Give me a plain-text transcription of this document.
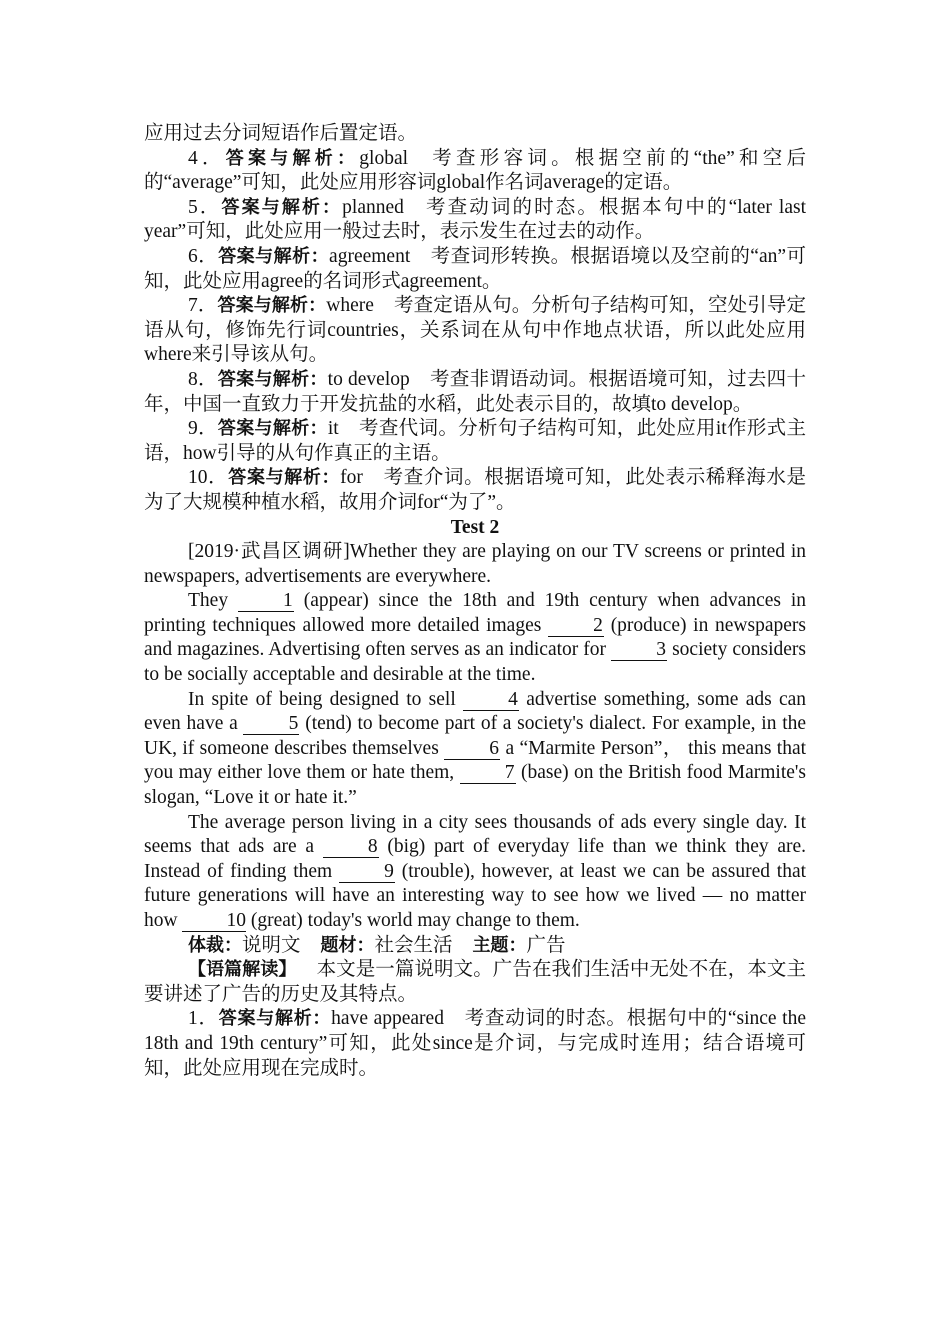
应用过去分词短语作后置定语。

4．答案与解析：global 考查形容词。根据空前的“the”和空后的“average”可知，此处应用形容词global作名词average的定语。

5．答案与解析：planned 考查动词的时态。根据本句中的“later last year”可知，此处应用一般过去时，表示发生在过去的动作。

6．答案与解析：agreement 考查词形转换。根据语境以及空前的“an”可知，此处应用agree的名词形式agreement。

7．答案与解析：where 考查定语从句。分析句子结构可知，空处引导定语从句，修饰先行词countries，关系词在从句中作地点状语，所以此处应用where来引导该从句。

8．答案与解析：to develop 考查非谓语动词。根据语境可知，过去四十年，中国一直致力于开发抗盐的水稻，此处表示目的，故填to develop。

9．答案与解析：it 考查代词。分析句子结构可知，此处应用it作形式主语，how引导的从句作真正的主语。

10．答案与解析：for 考查介词。根据语境可知，此处表示稀释海水是为了大规模种植水稻，故用介词for“为了”。

Test 2

[2019·武昌区调研]Whether they are playing on our TV screens or printed in newspapers, advertisements are everywhere.

They	1 (appear) since the 18th and 19th century when advances in printing techniques allowed more detailed images	2 (produce) in newspapers and magazines. Advertising often serves as an indicator for	3 society considers to be socially acceptable and desirable at the time.

In spite of being designed to sell	4 advertise something, some ads can even have a	5 (tend) to become part of a society's dialect. For example, in the UK, if someone describes themselves	6 a “Marmite Person”， this means that you may either love them or hate them,	7 (base) on the British food Marmite's slogan, “Love it or hate it.”

The average person living in a city sees thousands of ads every single day. It seems that ads are a	8 (big) part of everyday life than we think they are. Instead of finding them	9 (trouble), however, at least we can be assured that future generations will have an interesting way to see how we lived — no matter how	10 (great) today's world may change to them.

体裁：说明文 题材：社会生活 主题：广告

【语篇解读】 本文是一篇说明文。广告在我们生活中无处不在，本文主要讲述了广告的历史及其特点。

1．答案与解析：have appeared 考查动词的时态。根据句中的“since the 18th and 19th century”可知，此处since是介词，与完成时连用；结合语境可知，此处应用现在完成时。
